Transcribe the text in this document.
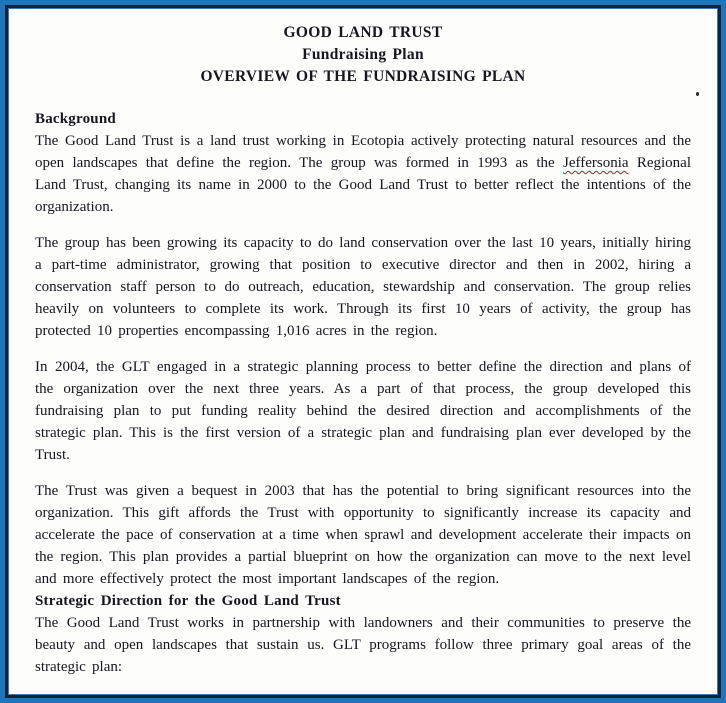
GOOD LAND TRUST
Fundraising Plan
OVERVIEW OF THE FUNDRAISING PLAN
Background

The Good Land Trust is a land trust working in Ecotopia actively protecting natural resources and the open landscapes that define the region. The group was formed in 1993 as the Jeffersonia Regional Land Trust, changing its name in 2000 to the Good Land Trust to better reflect the intentions of the organization.

The group has been growing its capacity to do land conservation over the last 10 years, initially hiring a part-time administrator, growing that position to executive director and then in 2002, hiring a conservation staff person to do outreach, education, stewardship and conservation. The group relies heavily on volunteers to complete its work. Through its first 10 years of activity, the group has protected 10 properties encompassing 1,016 acres in the region.

In 2004, the GLT engaged in a strategic planning process to better define the direction and plans of the organization over the next three years. As a part of that process, the group developed this fundraising plan to put funding reality behind the desired direction and accomplishments of the strategic plan. This is the first version of a strategic plan and fundraising plan ever developed by the Trust.

The Trust was given a bequest in 2003 that has the potential to bring significant resources into the organization. This gift affords the Trust with opportunity to significantly increase its capacity and accelerate the pace of conservation at a time when sprawl and development accelerate their impacts on the region. This plan provides a partial blueprint on how the organization can move to the next level and more effectively protect the most important landscapes of the region.

Strategic Direction for the Good Land Trust

The Good Land Trust works in partnership with landowners and their communities to preserve the beauty and open landscapes that sustain us. GLT programs follow three primary goal areas of the strategic plan:
